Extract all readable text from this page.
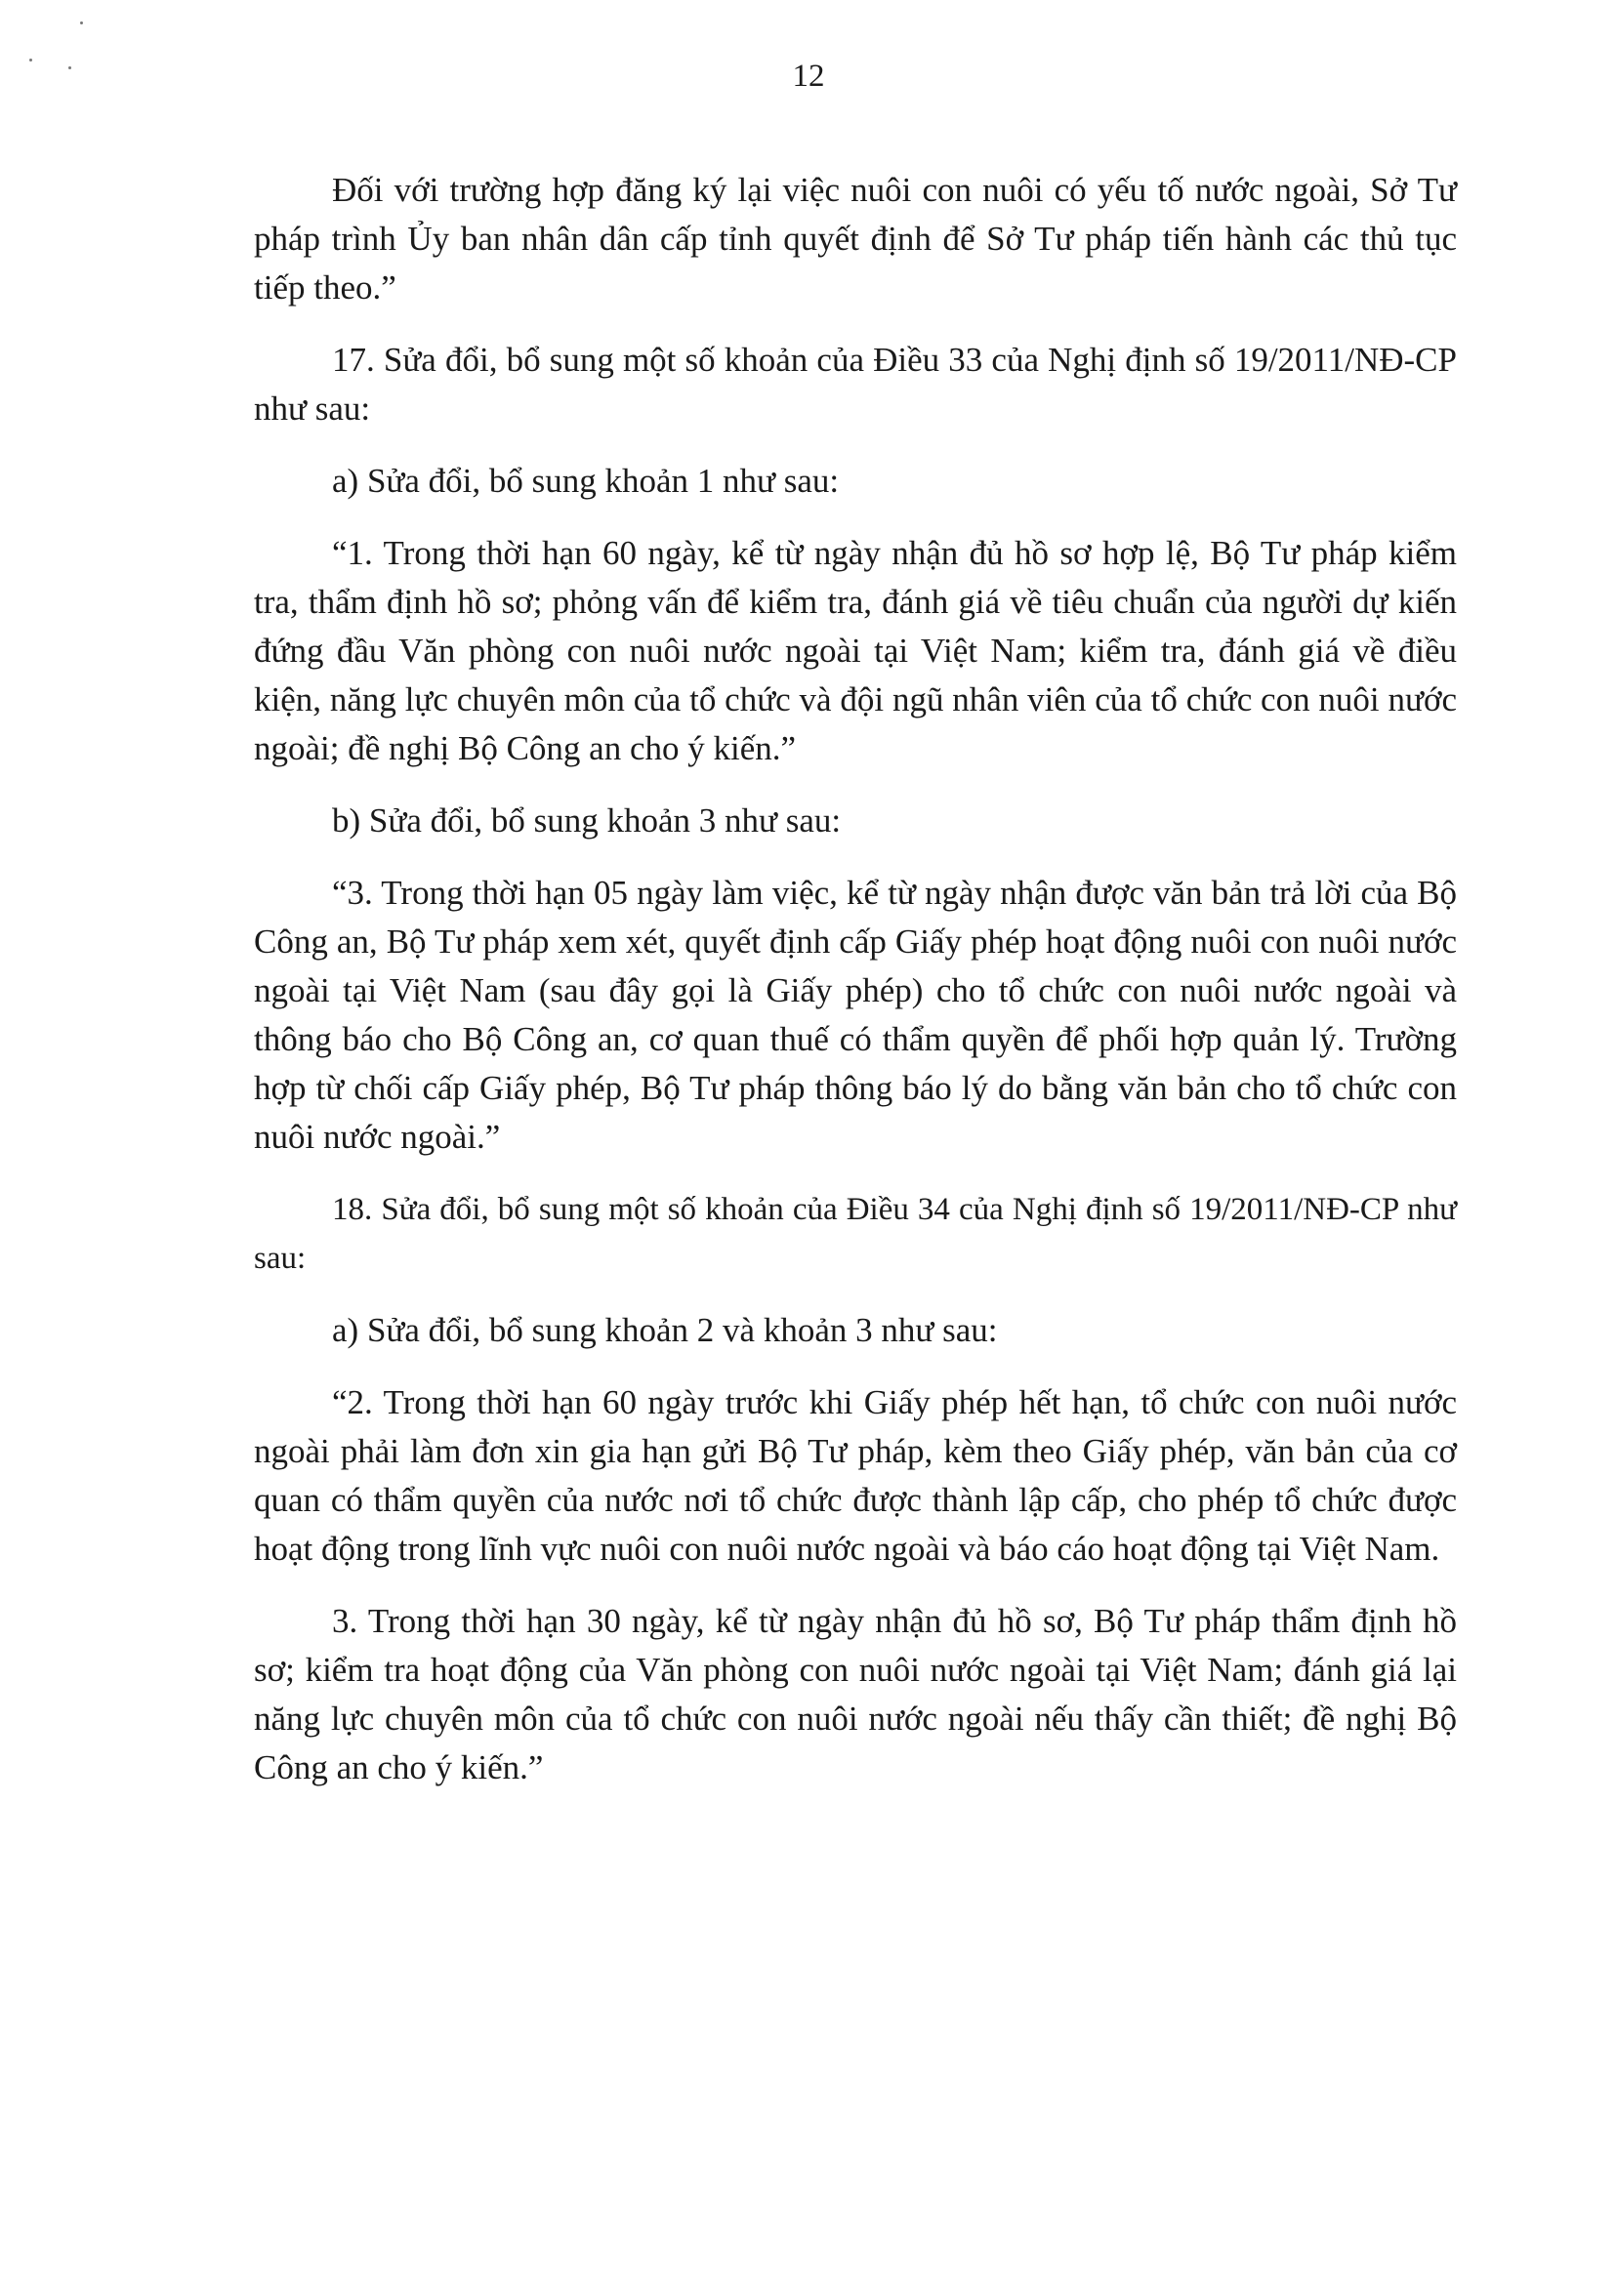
12

Đối với trường hợp đăng ký lại việc nuôi con nuôi có yếu tố nước ngoài, Sở Tư pháp trình Ủy ban nhân dân cấp tỉnh quyết định để Sở Tư pháp tiến hành các thủ tục tiếp theo.”

17. Sửa đổi, bổ sung một số khoản của Điều 33 của Nghị định số 19/2011/NĐ-CP như sau:

a) Sửa đổi, bổ sung khoản 1 như sau:

“1. Trong thời hạn 60 ngày, kể từ ngày nhận đủ hồ sơ hợp lệ, Bộ Tư pháp kiểm tra, thẩm định hồ sơ; phỏng vấn để kiểm tra, đánh giá về tiêu chuẩn của người dự kiến đứng đầu Văn phòng con nuôi nước ngoài tại Việt Nam; kiểm tra, đánh giá về điều kiện, năng lực chuyên môn của tổ chức và đội ngũ nhân viên của tổ chức con nuôi nước ngoài; đề nghị Bộ Công an cho ý kiến.”

b) Sửa đổi, bổ sung khoản 3 như sau:

“3. Trong thời hạn 05 ngày làm việc, kể từ ngày nhận được văn bản trả lời của Bộ Công an, Bộ Tư pháp xem xét, quyết định cấp Giấy phép hoạt động nuôi con nuôi nước ngoài tại Việt Nam (sau đây gọi là Giấy phép) cho tổ chức con nuôi nước ngoài và thông báo cho Bộ Công an, cơ quan thuế có thẩm quyền để phối hợp quản lý. Trường hợp từ chối cấp Giấy phép, Bộ Tư pháp thông báo lý do bằng văn bản cho tổ chức con nuôi nước ngoài.”

18. Sửa đổi, bổ sung một số khoản của Điều 34 của Nghị định số 19/2011/NĐ-CP như sau:

a) Sửa đổi, bổ sung khoản 2 và khoản 3 như sau:

“2. Trong thời hạn 60 ngày trước khi Giấy phép hết hạn, tổ chức con nuôi nước ngoài phải làm đơn xin gia hạn gửi Bộ Tư pháp, kèm theo Giấy phép, văn bản của cơ quan có thẩm quyền của nước nơi tổ chức được thành lập cấp, cho phép tổ chức được hoạt động trong lĩnh vực nuôi con nuôi nước ngoài và báo cáo hoạt động tại Việt Nam.

3. Trong thời hạn 30 ngày, kể từ ngày nhận đủ hồ sơ, Bộ Tư pháp thẩm định hồ sơ; kiểm tra hoạt động của Văn phòng con nuôi nước ngoài tại Việt Nam; đánh giá lại năng lực chuyên môn của tổ chức con nuôi nước ngoài nếu thấy cần thiết; đề nghị Bộ Công an cho ý kiến.”
